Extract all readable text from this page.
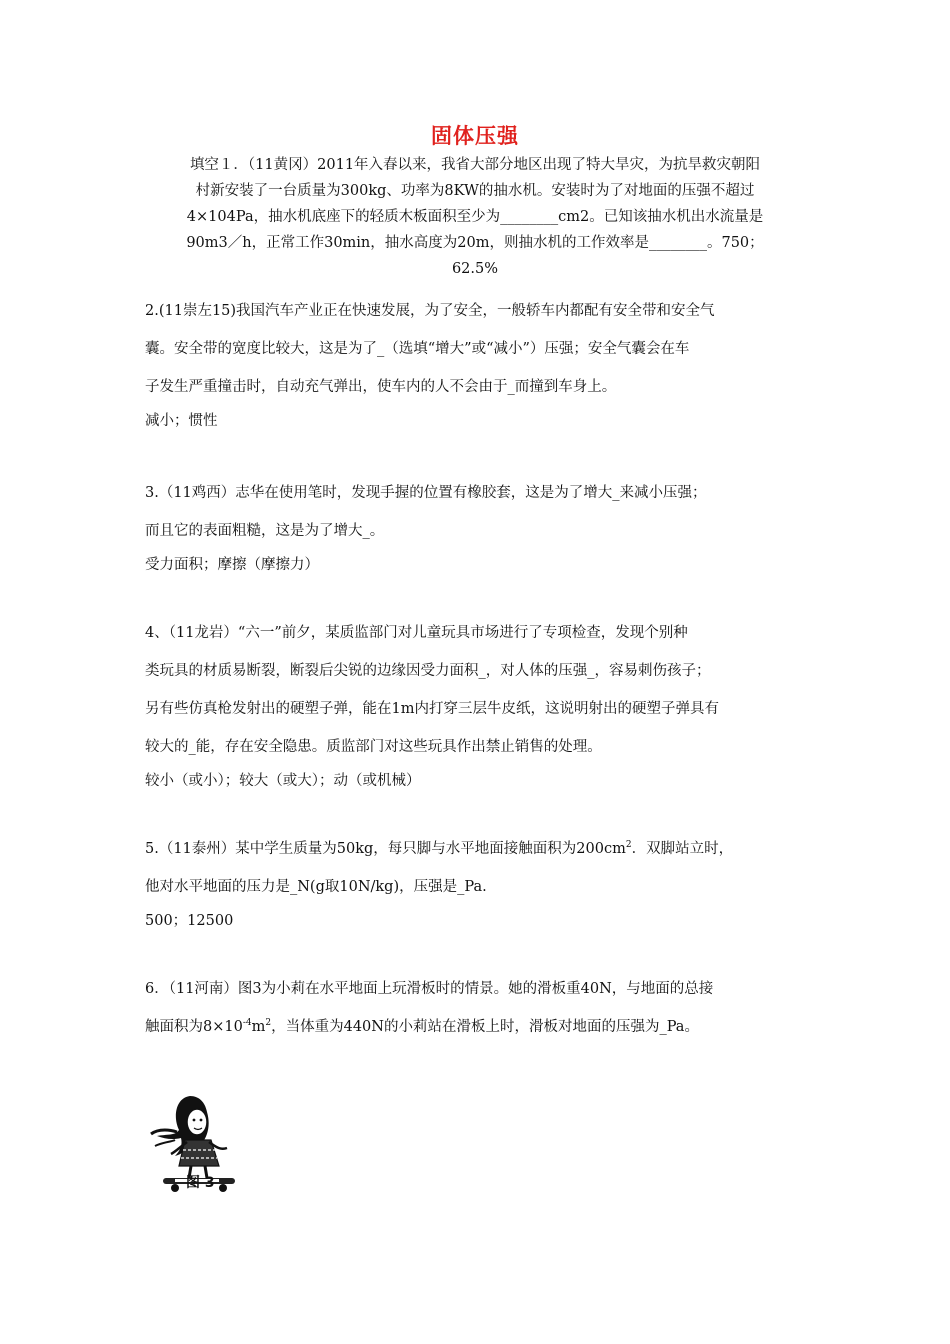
固体压强
填空１．（11黄冈）2011年入春以来，我省大部分地区出现了特大旱灾，为抗旱救灾朝阳
村新安装了一台质量为300kg、功率为8KW的抽水机。安装时为了对地面的压强不超过
4×104Pa，抽水机底座下的轻质木板面积至少为________cm2。已知该抽水机出水流量是
90m3／h，正常工作30min，抽水高度为20m，则抽水机的工作效率是________。750；
62.5%
2.(11崇左15)我国汽车产业正在快速发展，为了安全，一般轿车内都配有安全带和安全气
囊。安全带的宽度比较大，这是为了_（选填“增大”或“减小”）压强；安全气囊会在车
子发生严重撞击时，自动充气弹出，使车内的人不会由于_而撞到车身上。
减小；惯性
3.（11鸡西）志华在使用笔时，发现手握的位置有橡胶套，这是为了增大_来减小压强；
而且它的表面粗糙，这是为了增大_。
受力面积；摩擦（摩擦力）
4、（11龙岩）“六一”前夕，某质监部门对儿童玩具市场进行了专项检查，发现个别种
类玩具的材质易断裂，断裂后尖锐的边缘因受力面积_，对人体的压强_，容易刺伤孩子；
另有些仿真枪发射出的硬塑子弹，能在1m内打穿三层牛皮纸，这说明射出的硬塑子弹具有
较大的_能，存在安全隐患。质监部门对这些玩具作出禁止销售的处理。
较小（或小）；较大（或大）；动（或机械）
5.（11泰州）某中学生质量为50kg，每只脚与水平地面接触面积为$200cm^2$．双脚站立时，
他对水平地面的压力是_N(g取10N/kg)，压强是_Pa.
500；12500
6．（11河南）图3为小莉在水平地面上玩滑板时的情景。她的滑板重40N，与地面的总接
触面积为$8\times 10^{-4}m^2$，当体重为440N的小莉站在滑板上时，滑板对地面的压强为_Pa。
图 3
